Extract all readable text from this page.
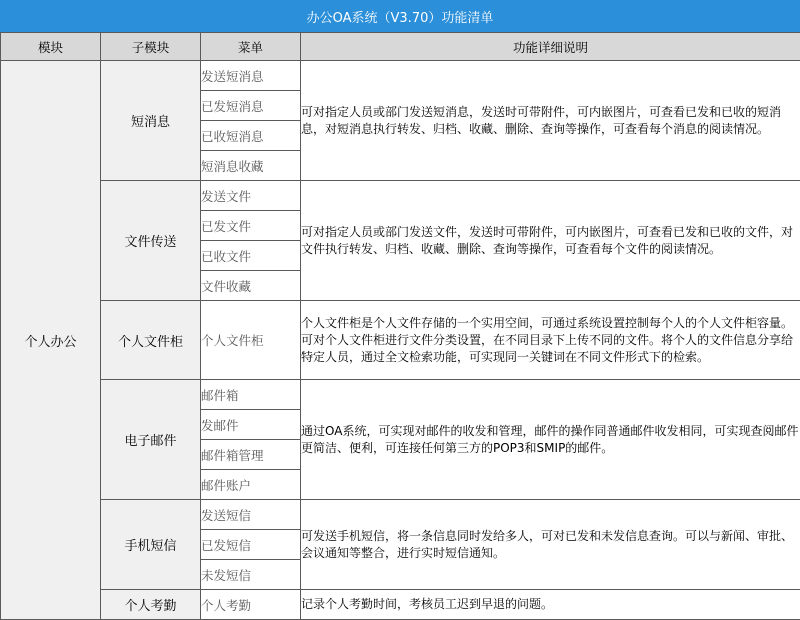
办公OA系统（V3.70）功能清单
模块	子模块	菜单	功能详细说明
个人办公	短消息	发送短消息	可对指定人员或部门发送短消息，发送时可带附件，可内嵌图片，可查看已发和已收的短消息，对短消息执行转发、归档、收藏、删除、查询等操作，可查看每个消息的阅读情况。
		已发短消息	
		已收短消息	
		短消息收藏	
	文件传送	发送文件	可对指定人员或部门发送文件，发送时可带附件，可内嵌图片，可查看已发和已收的文件，对文件执行转发、归档、收藏、删除、查询等操作，可查看每个文件的阅读情况。
		已发文件	
		已收文件	
		文件收藏	
	个人文件柜	个人文件柜	个人文件柜是个人文件存储的一个实用空间，可通过系统设置控制每个人的个人文件柜容量。可对个人文件柜进行文件分类设置，在不同目录下上传不同的文件。将个人的文件信息分享给特定人员，通过全文检索功能，可实现同一关键词在不同文件形式下的检索。
	电子邮件	邮件箱	通过OA系统，可实现对邮件的收发和管理，邮件的操作同普通邮件收发相同，可实现查阅邮件更简洁、便利，可连接任何第三方的POP3和SMIP的邮件。
		发邮件	
		邮件箱管理	
		邮件账户	
	手机短信	发送短信	可发送手机短信，将一条信息同时发给多人，可对已发和未发信息查询。可以与新闻、审批、会议通知等整合，进行实时短信通知。
		已发短信	
		未发短信	
	个人考勤	个人考勤	记录个人考勤时间，考核员工迟到早退的问题。
